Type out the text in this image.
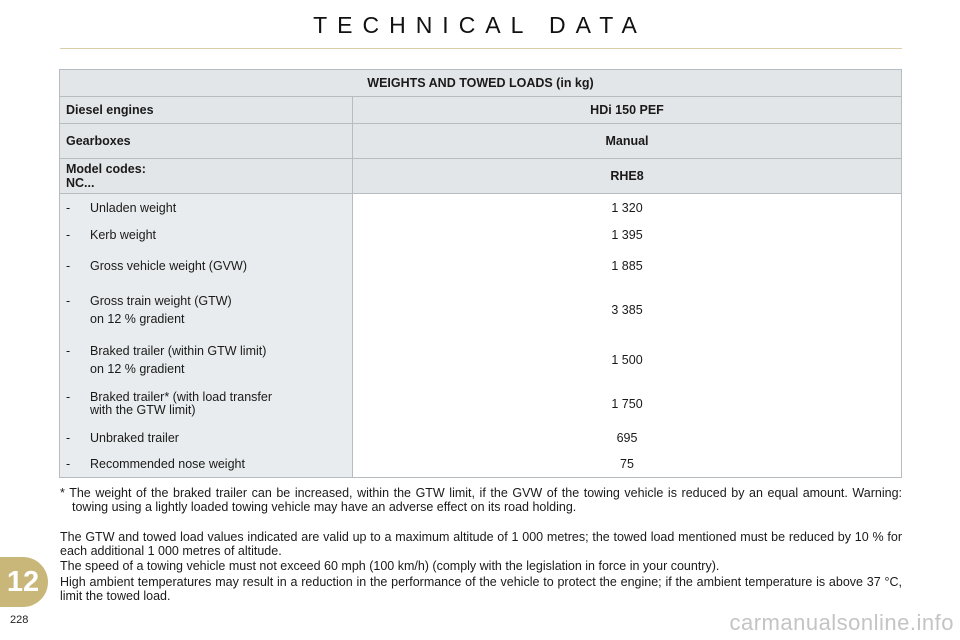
TECHNICAL DATA
WEIGHTS AND TOWED LOADS (in kg)	
Diesel engines	HDi 150 PEF
Gearboxes	Manual
Model codes:
NC...	RHE8
- Unladen weight	1 320
- Kerb weight	1 395
- Gross vehicle weight (GVW)	1 885
- Gross train weight (GTW)
on 12 % gradient	3 385
- Braked trailer (within GTW limit)
on 12 % gradient	1 500
- Braked trailer* (with load transfer
with the GTW limit)	1 750
- Unbraked trailer	695
- Recommended nose weight	75
* The weight of the braked trailer can be increased, within the GTW limit, if the GVW of the towing vehicle is reduced by an equal amount. Warning: towing using a lightly loaded towing vehicle may have an adverse effect on its road holding.
The GTW and towed load values indicated are valid up to a maximum altitude of 1 000 metres; the towed load mentioned must be reduced by 10 % for each additional 1 000 metres of altitude.
The speed of a towing vehicle must not exceed 60 mph (100 km/h) (comply with the legislation in force in your country).
High ambient temperatures may result in a reduction in the performance of the vehicle to protect the engine; if the ambient temperature is above 37 °C, limit the towed load.
12
228	carmanualsonline.info
